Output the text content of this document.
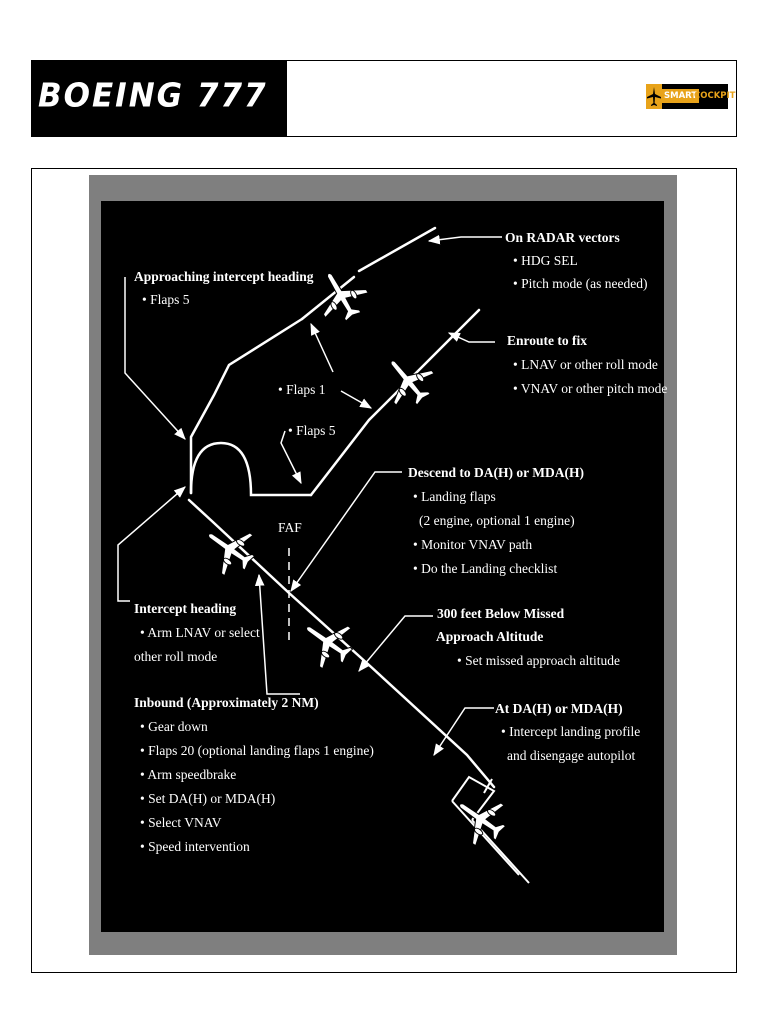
BOEING 777	SMART
COCKPIT
FAF
On RADAR vectors
• HDG SEL
• Pitch mode (as needed)
Approaching intercept heading
• Flaps 5
Enroute to fix
• LNAV or other roll mode
• VNAV or other pitch mode
• Flaps 1
• Flaps 5
Descend to DA(H) or MDA(H)
• Landing flaps
(2 engine, optional 1 engine)
• Monitor VNAV path
• Do the Landing checklist
Intercept heading
• Arm LNAV or select
other roll mode
300 feet Below Missed
Approach Altitude
• Set missed approach altitude
Inbound (Approximately 2 NM)
• Gear down
• Flaps 20 (optional landing flaps 1 engine)
• Arm speedbrake
• Set DA(H) or MDA(H)
• Select VNAV
• Speed intervention
At DA(H) or MDA(H)
• Intercept landing profile
and disengage autopilot
